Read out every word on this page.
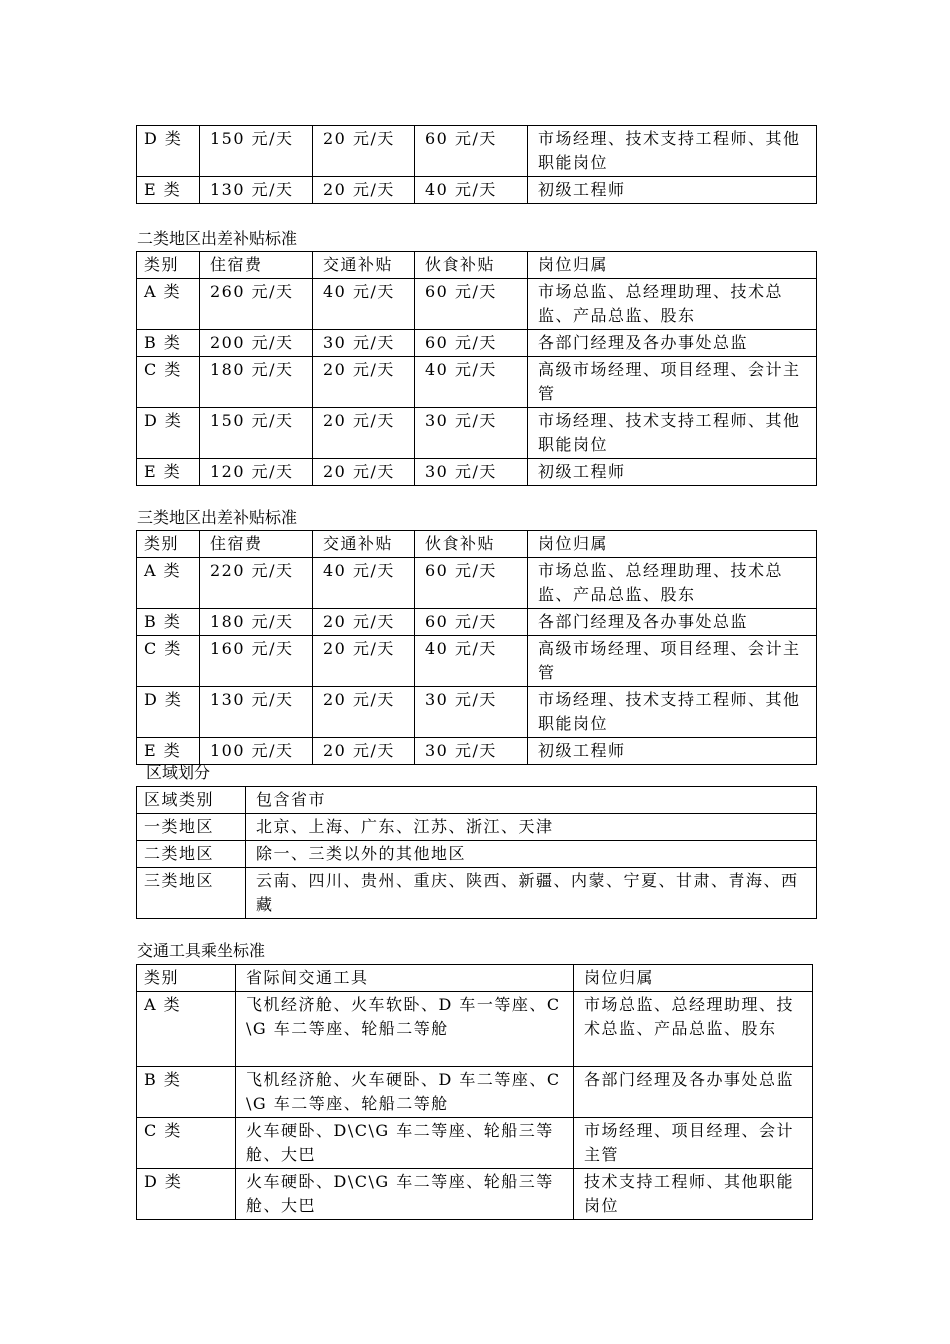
D 类	150 元/天	20 元/天	60 元/天	市场经理、技术支持工程师、其他职能岗位
E 类	130 元/天	20 元/天	40 元/天	初级工程师
二类地区出差补贴标准
类别	住宿费	交通补贴	伙食补贴	岗位归属
A 类	260 元/天	40 元/天	60 元/天	市场总监、总经理助理、技术总监、产品总监、股东
B 类	200 元/天	30 元/天	60 元/天	各部门经理及各办事处总监
C 类	180 元/天	20 元/天	40 元/天	高级市场经理、项目经理、会计主管
D 类	150 元/天	20 元/天	30 元/天	市场经理、技术支持工程师、其他职能岗位
E 类	120 元/天	20 元/天	30 元/天	初级工程师
三类地区出差补贴标准
类别	住宿费	交通补贴	伙食补贴	岗位归属
A 类	220 元/天	40 元/天	60 元/天	市场总监、总经理助理、技术总监、产品总监、股东
B 类	180 元/天	20 元/天	60 元/天	各部门经理及各办事处总监
C 类	160 元/天	20 元/天	40 元/天	高级市场经理、项目经理、会计主管
D 类	130 元/天	20 元/天	30 元/天	市场经理、技术支持工程师、其他职能岗位
E 类	100 元/天	20 元/天	30 元/天	初级工程师
区域划分
区域类别	包含省市
一类地区	北京、上海、广东、江苏、浙江、天津
二类地区	除一、三类以外的其他地区
三类地区	云南、四川、贵州、重庆、陕西、新疆、内蒙、宁夏、甘肃、青海、西藏
交通工具乘坐标准
类别	省际间交通工具	岗位归属
A 类	飞机经济舱、火车软卧、D 车一等座、C\G 车二等座、轮船二等舱	市场总监、总经理助理、技术总监、产品总监、股东
B 类	飞机经济舱、火车硬卧、D 车二等座、C\G 车二等座、轮船二等舱	各部门经理及各办事处总监
C 类	火车硬卧、D\C\G 车二等座、轮船三等舱、大巴	市场经理、项目经理、会计主管
D 类	火车硬卧、D\C\G 车二等座、轮船三等舱、大巴	技术支持工程师、其他职能岗位
